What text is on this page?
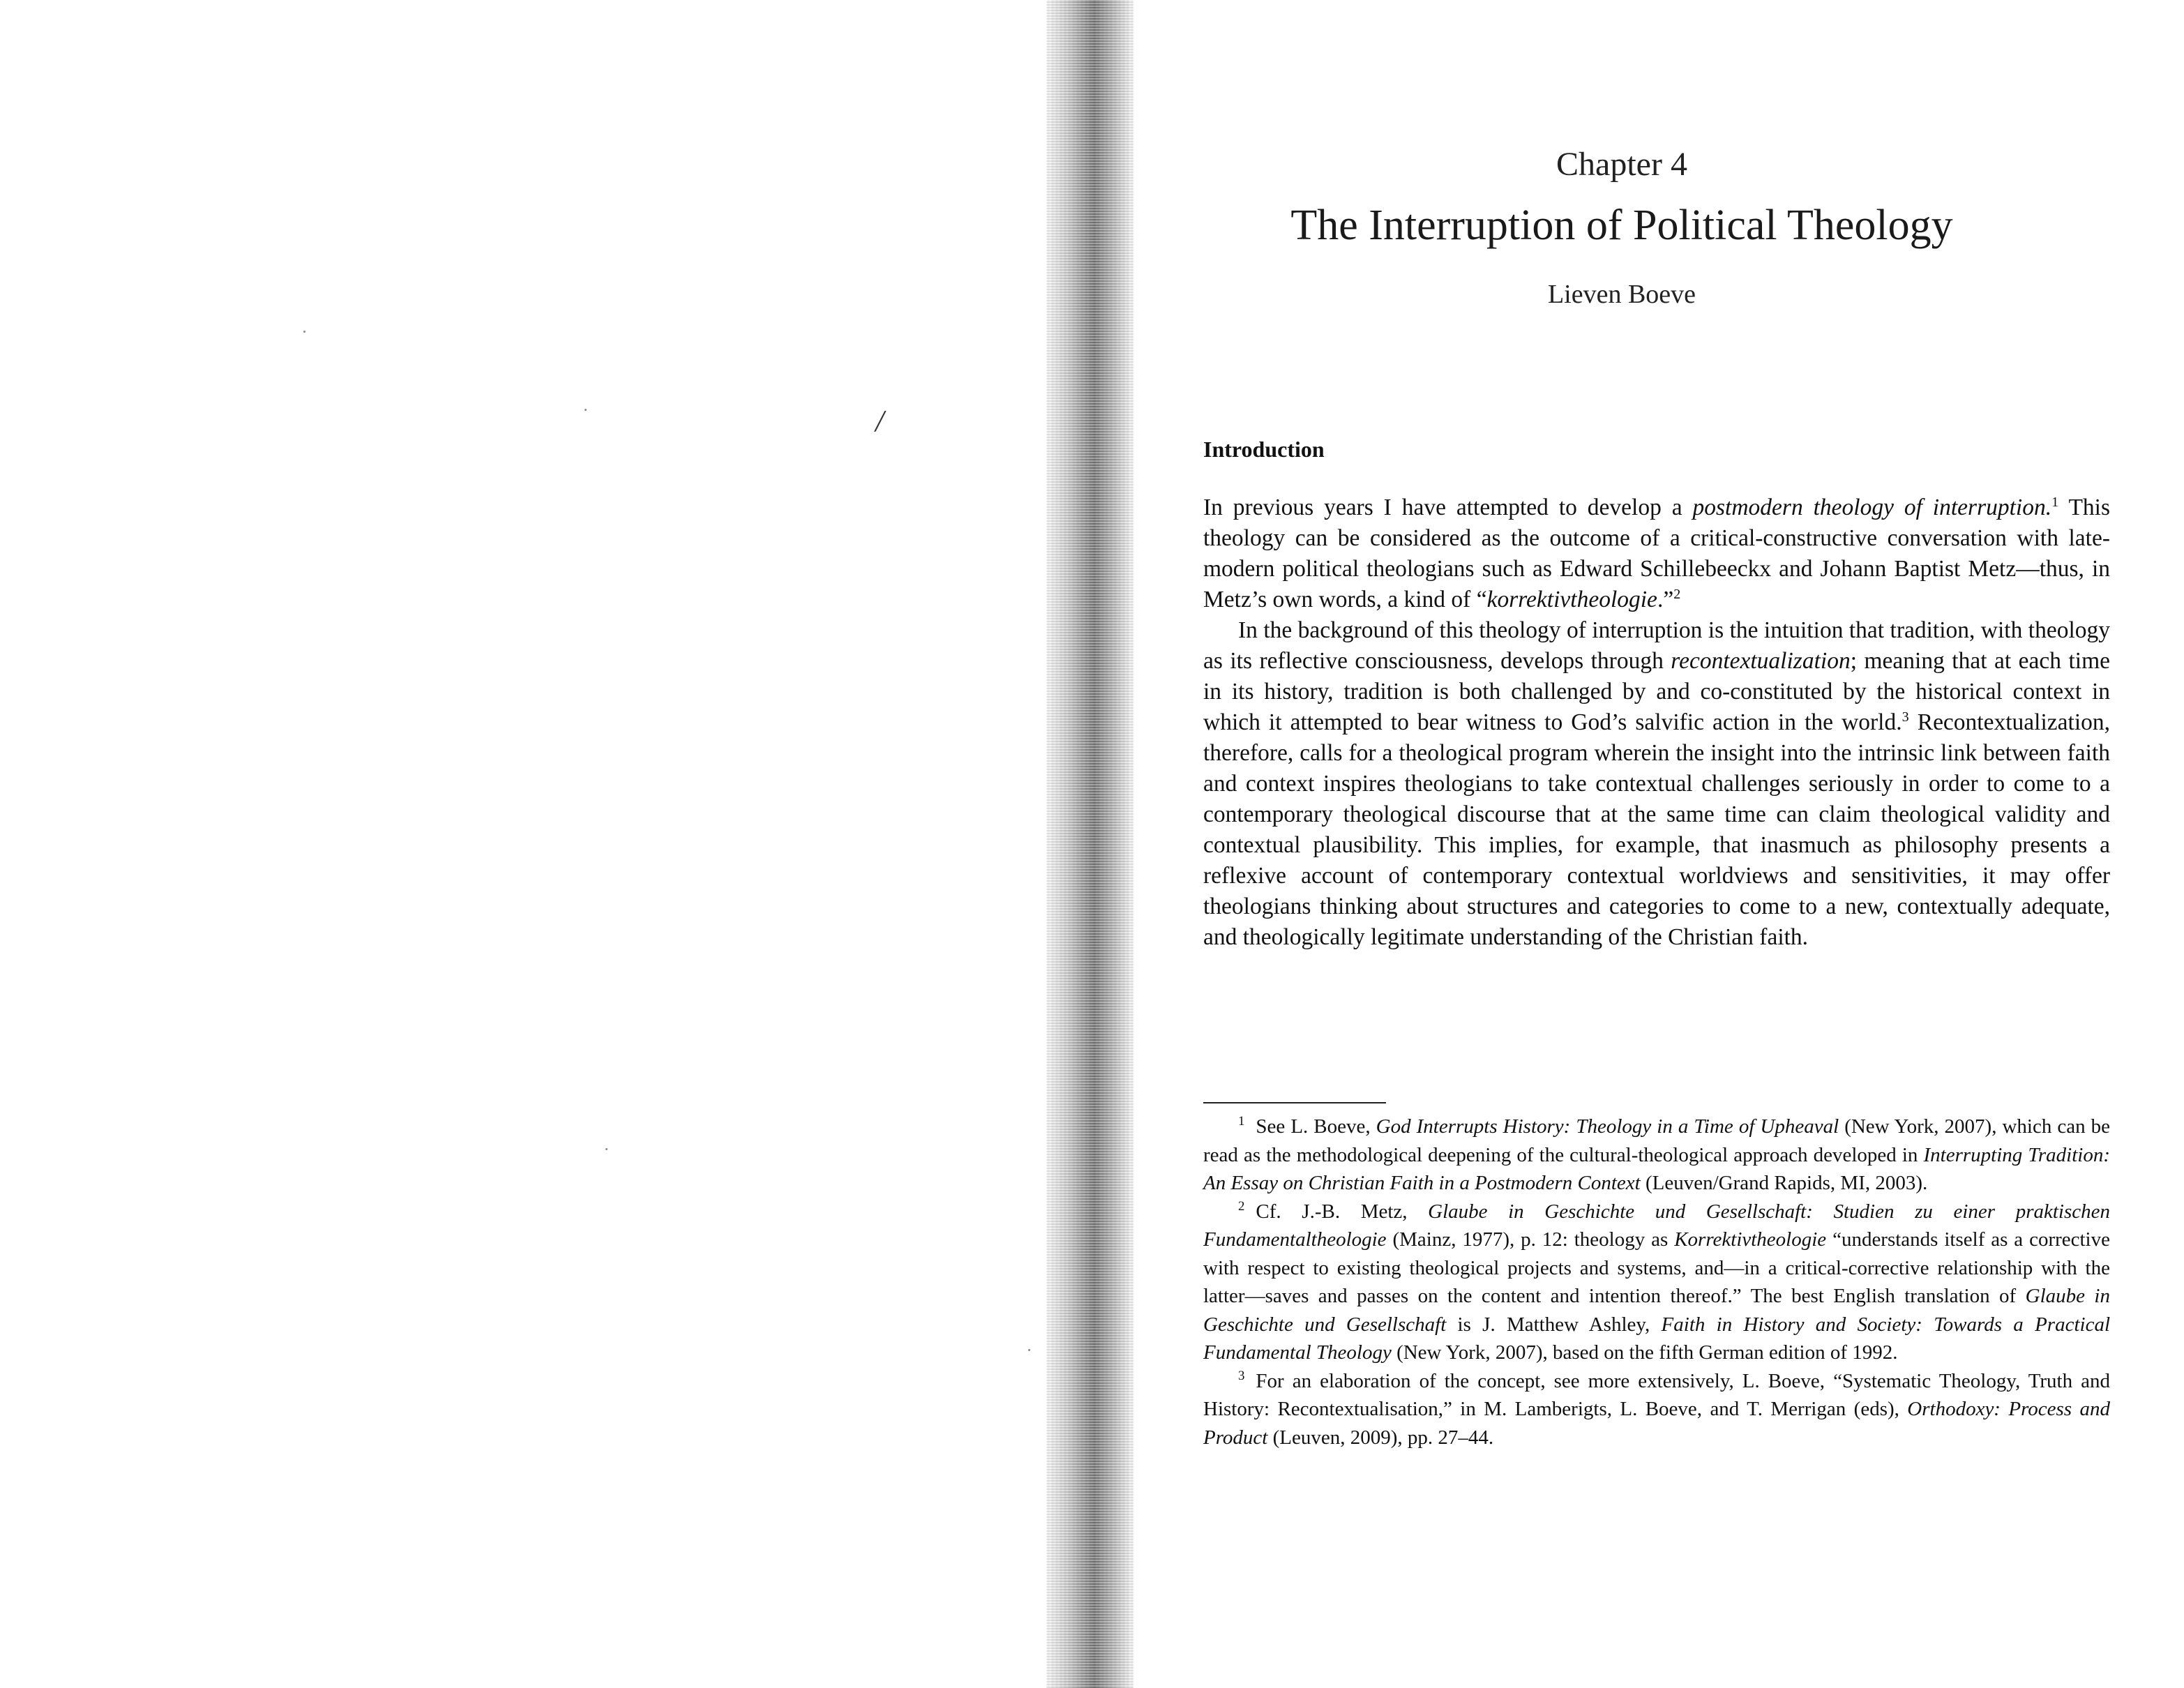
/
Chapter 4
The Interruption of Political Theology
Lieven Boeve
Introduction

In previous years I have attempted to develop a postmodern theology of interruption.$^1$ This theology can be considered as the outcome of a critical-constructive conversation with late-modern political theologians such as Edward Schillebeeckx and Johann Baptist Metz—thus, in Metz’s own words, a kind of “korrektivtheologie.”$^2$

In the background of this theology of interruption is the intuition that tradition, with theology as its reflective consciousness, develops through recontextualization; meaning that at each time in its history, tradition is both challenged by and co-constituted by the historical context in which it attempted to bear witness to God’s salvific action in the world.$^3$ Recontextualization, therefore, calls for a theological program wherein the insight into the intrinsic link between faith and context inspires theologians to take contextual challenges seriously in order to come to a contemporary theological discourse that at the same time can claim theological validity and contextual plausibility. This implies, for example, that inasmuch as philosophy presents a reflexive account of contemporary contextual worldviews and sensitivities, it may offer theologians thinking about structures and categories to come to a new, contextually adequate, and theologically legitimate understanding of the Christian faith.

$^1$ See L. Boeve, God Interrupts History: Theology in a Time of Upheaval (New York, 2007), which can be read as the methodological deepening of the cultural-theological approach developed in Interrupting Tradition: An Essay on Christian Faith in a Postmodern Context (Leuven/Grand Rapids, MI, 2003).

$^2$ Cf. J.-B. Metz, Glaube in Geschichte und Gesellschaft: Studien zu einer praktischen Fundamentaltheologie (Mainz, 1977), p. 12: theology as Korrektivtheologie “understands itself as a corrective with respect to existing theological projects and systems, and—in a critical-corrective relationship with the latter—saves and passes on the content and intention thereof.” The best English translation of Glaube in Geschichte und Gesellschaft is J. Matthew Ashley, Faith in History and Society: Towards a Practical Fundamental Theology (New York, 2007), based on the fifth German edition of 1992.

$^3$ For an elaboration of the concept, see more extensively, L. Boeve, “Systematic Theology, Truth and History: Recontextualisation,” in M. Lamberigts, L. Boeve, and T. Merrigan (eds), Orthodoxy: Process and Product (Leuven, 2009), pp. 27–44.
